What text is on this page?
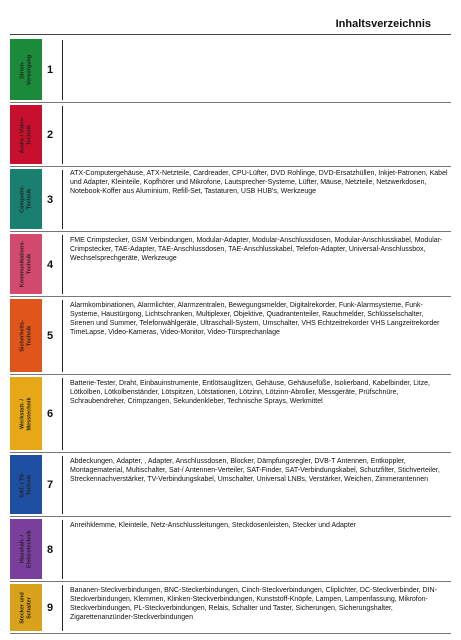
Inhaltsverzeichnis
Strom-
Versorgung 1
Audio / Video-
Technik 2
Computer-
Technik 3
ATX-Computergehäuse, ATX-Netzteile, Cardreader, CPU-Lüfter, DVD Rohlinge, DVD-Ersatzhüllen, Inkjet-Patronen, Kabel und Adapter, Kleinteile, Kopfhörer und Mikrofone, Lautsprecher-Systeme, Lüfter, Mäuse, Netzteile, Netzwerkdosen, Notebook-Koffer aus Aluminium, Refill-Set, Tastaturen, USB HUB's, Werkzeuge
Kommunikations-
Technik 4
FME Crimpstecker, GSM Verbindungen, Modular-Adapter, Modular-Anschlussdosen, Modular-Anschlusskabel, Modular-Crimpstecker, TAE-Adapter, TAE-Anschlussdosen, TAE-Anschlusskabel, Telefon-Adapter, Universal-Anschlussbox, Wechselsprechgeräte, Werkzeuge
Sicherheits-
Technik 5
Alarmkombinationen, Alarmlichter, Alarmzentralen, Bewegungsmelder, Digitalrekorder, Funk-Alarmsysteme, Funk-Systeme, Haustürgong, Lichtschranken, Multiplexer, Objektive, Quadrantenteiler, Rauchmelder, Schlüsselschalter, Sirenen und Summer, Telefonwählgeräte, Ultraschall-System, Umschalter, VHS Echtzeitrekorder VHS Langzeitrekorder TimeLapse, Video-Kameras, Video-Monitor, Video-Türsprechanlage
Werkstatt- /
Messtechnik 6
Batterie-Tester, Draht, Einbauinstrumente, Entlötsauglitzen, Gehäuse, Gehäusefüße, Isolierband, Kabelbinder, Litze, Lötkolben, Lötkolbenständer, Lötspitzen, Lötstationen, Lötzinn, Lötzinn-Abroller, Messgeräte, Prüfschnüre, Schraubendreher, Crimpzangen, Sekundenkleber, Technische Sprays, Werkmittel
SAT- / TV-
Technik 7
Abdeckungen, Adapter, , Adapter, Anschlussdosen, Blocker, Dämpfungsregler, DVB-T Antennen, Entkoppler, Montagematerial, Multischalter, Sat-/ Antennen-Verteiler, SAT-Finder, SAT-Verbindungskabel, Schutzfilter, Stichverteiler, Streckennachverstärker, TV-Verbindungskabel, Umschalter, Universal LNBs, Verstärker, Weichen, Zimmerantennen
Haushalt- /
Elektrotechnik 8
Anreihklemme, Kleinteile, Netz-Anschlussleitungen, Steckdosenleisten, Stecker und Adapter
Stecker und
Schalter 9
Bananen-Steckverbindungen, BNC-Steckerbindungen, Cinch-Steckverbindungen, Cliplichter, DC-Steckverbinder, DIN-Steckverbindungen, Klemmen, Klinken-Steckverbindungen, Kunststoff-Knöpfe, Lampen, Lampenfassung, Mikrofon-Steckverbindungen, PL-Steckverbindungen, Relais, Schalter und Taster, Sicherungen, Sicherungshalter, Zigarettenanzünder-Steckverbindungen
